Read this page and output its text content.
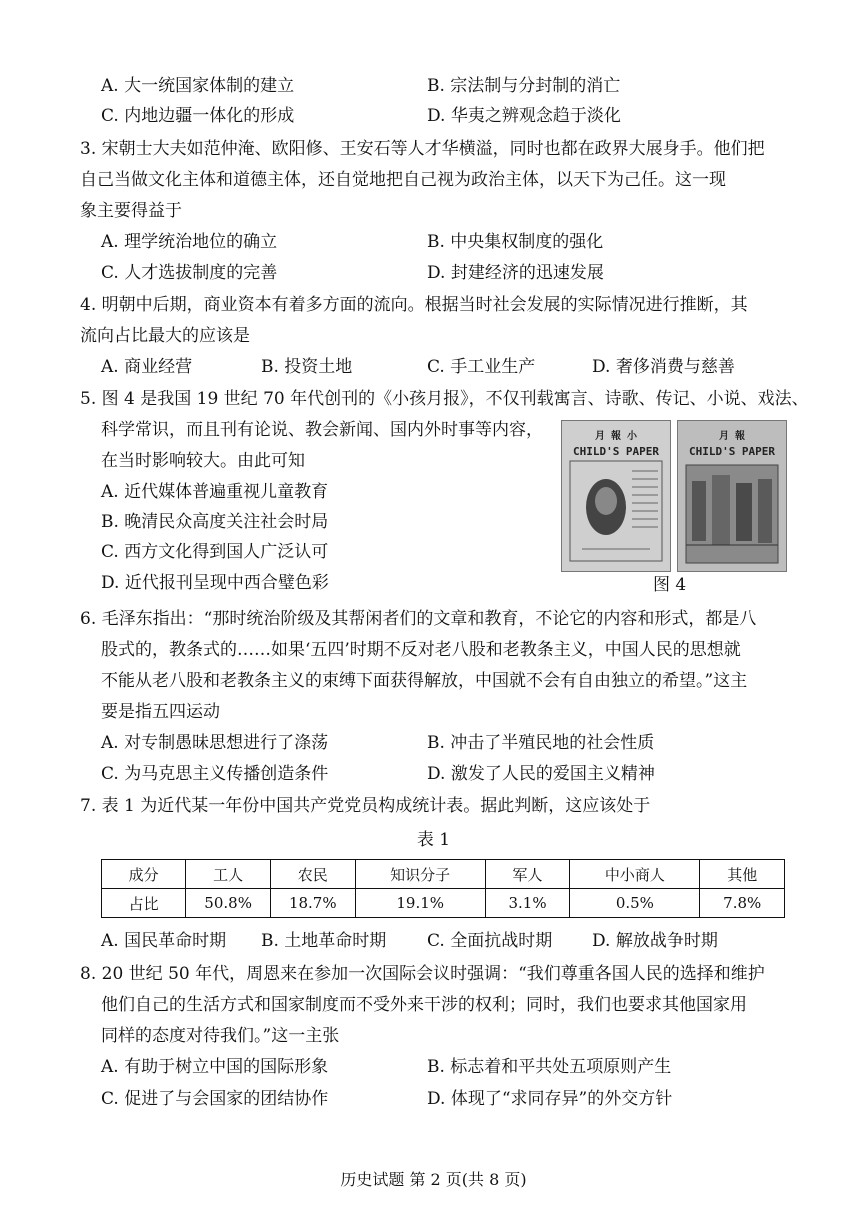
A. 大一统国家体制的建立	B. 宗法制与分封制的消亡
C. 内地边疆一体化的形成	D. 华夷之辨观念趋于淡化
3. 宋朝士大夫如范仲淹、欧阳修、王安石等人才华横溢，同时也都在政界大展身手。他们把
自己当做文化主体和道德主体，还自觉地把自己视为政治主体，以天下为己任。这一现
象主要得益于
A. 理学统治地位的确立	B. 中央集权制度的强化
C. 人才选拔制度的完善	D. 封建经济的迅速发展
4. 明朝中后期，商业资本有着多方面的流向。根据当时社会发展的实际情况进行推断，其
流向占比最大的应该是
A. 商业经营	B. 投资土地	C. 手工业生产	D. 奢侈消费与慈善
5. 图 4 是我国 19 世纪 70 年代创刊的《小孩月报》，不仅刊载寓言、诗歌、传记、小说、戏法、
科学常识，而且刊有论说、教会新闻、国内外时事等内容，
在当时影响较大。由此可知
A. 近代媒体普遍重视儿童教育
B. 晚清民众高度关注社会时局
C. 西方文化得到国人广泛认可
D. 近代报刊呈现中西合璧色彩
月 報 小
CHILD'S PAPER
月 報
CHILD'S PAPER
图 4
6. 毛泽东指出：“那时统治阶级及其帮闲者们的文章和教育，不论它的内容和形式，都是八
股式的，教条式的……如果‘五四’时期不反对老八股和老教条主义，中国人民的思想就
不能从老八股和老教条主义的束缚下面获得解放，中国就不会有自由独立的希望。”这主
要是指五四运动
A. 对专制愚昧思想进行了涤荡	B. 冲击了半殖民地的社会性质
C. 为马克思主义传播创造条件	D. 激发了人民的爱国主义精神
7. 表 1 为近代某一年份中国共产党党员构成统计表。据此判断，这应该处于
表 1
成分	工人	农民	知识分子	军人	中小商人	其他
占比	50.8%	18.7%	19.1%	3.1%	0.5%	7.8%
A. 国民革命时期 B. 土地革命时期 C. 全面抗战时期 D. 解放战争时期
8. 20 世纪 50 年代，周恩来在参加一次国际会议时强调：“我们尊重各国人民的选择和维护
他们自己的生活方式和国家制度而不受外来干涉的权利；同时，我们也要求其他国家用
同样的态度对待我们。”这一主张
A. 有助于树立中国的国际形象	B. 标志着和平共处五项原则产生
C. 促进了与会国家的团结协作	D. 体现了“求同存异”的外交方针
历史试题 第 2 页(共 8 页)
